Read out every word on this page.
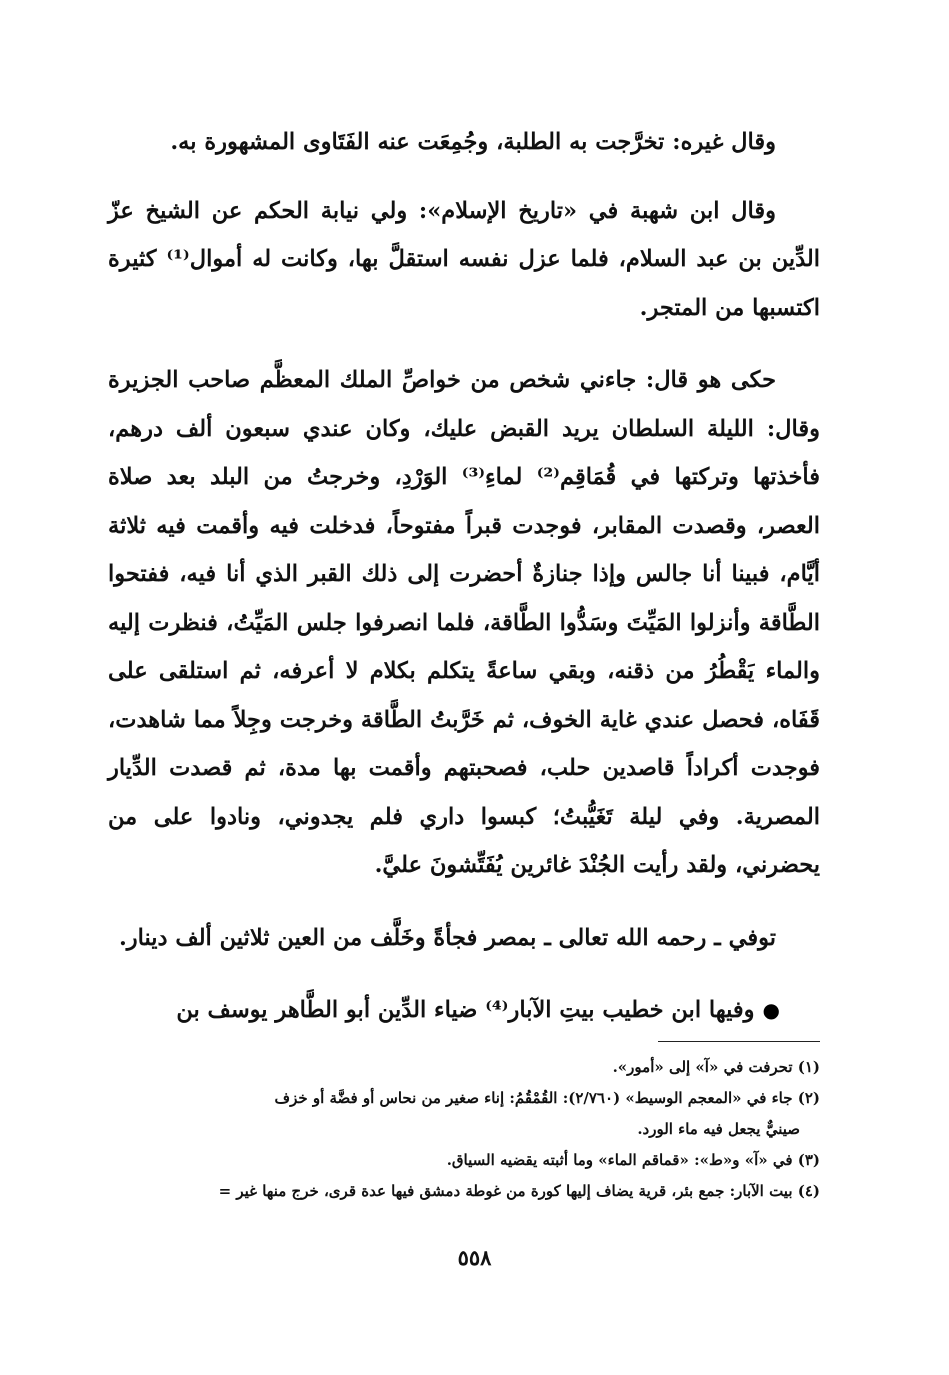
وقال غيره: تخرَّجت به الطلبة، وجُمِعَت عنه الفَتَاوى المشهورة به.

وقال ابن شهبة في «تاريخ الإسلام»: ولي نيابة الحكم عن الشيخ عزّ الدِّين بن عبد السلام، فلما عزل نفسه استقلَّ بها، وكانت له أموال⁽¹⁾ كثيرة اكتسبها من المتجر.

حكى هو قال: جاءني شخص من خواصِّ الملك المعظَّم صاحب الجزيرة وقال: الليلة السلطان يريد القبض عليك، وكان عندي سبعون ألف درهم، فأخذتها وتركتها في قُمَاقِم⁽²⁾ لماءِ⁽³⁾ الوَرْدِ، وخرجتُ من البلد بعد صلاة العصر، وقصدت المقابر، فوجدت قبراً مفتوحاً، فدخلت فيه وأقمت فيه ثلاثة أيَّام، فبينا أنا جالس وإذا جنازةٌ أحضرت إلى ذلك القبر الذي أنا فيه، ففتحوا الطَّاقة وأنزلوا المَيِّتَ وسَدُّوا الطَّاقة، فلما انصرفوا جلس المَيِّتُ، فنظرت إليه والماء يَقْطُرُ من ذقنه، وبقي ساعةً يتكلم بكلام لا أعرفه، ثم استلقى على قَفَاه، فحصل عندي غاية الخوف، ثم خَرَّبتُ الطَّاقة وخرجت وجِلاً مما شاهدت، فوجدت أكراداً قاصدين حلب، فصحبتهم وأقمت بها مدة، ثم قصدت الدِّيار المصرية. وفي ليلة تَغَيُّبتُ؛ كبسوا داري فلم يجدوني، ونادوا على من يحضرني، ولقد رأيت الجُنْدَ غائرين يُفَتِّشونَ عليَّ.

توفي ـ رحمه الله تعالى ـ بمصر فجأةً وخَلَّف من العين ثلاثين ألف دينار.

●وفيها ابن خطيب بيتِ الآبار⁽⁴⁾ ضياء الدِّين أبو الطَّاهر يوسف بن

(١) تحرفت في «آ» إلى «أمور».

(٢) جاء في «المعجم الوسيط» (٢/٧٦٠): القُمْقُمُ: إناء صغير من نحاس أو فضَّة أو خزف

صينيٌّ يجعل فيه ماء الورد.

(٣) في «آ» و«ط»: «قماقم الماء» وما أثبته يقضيه السياق.

(٤) بيت الآبار: جمع بئر، قرية يضاف إليها كورة من غوطة دمشق فيها عدة قرى، خرج منها غير =

٥٥٨
